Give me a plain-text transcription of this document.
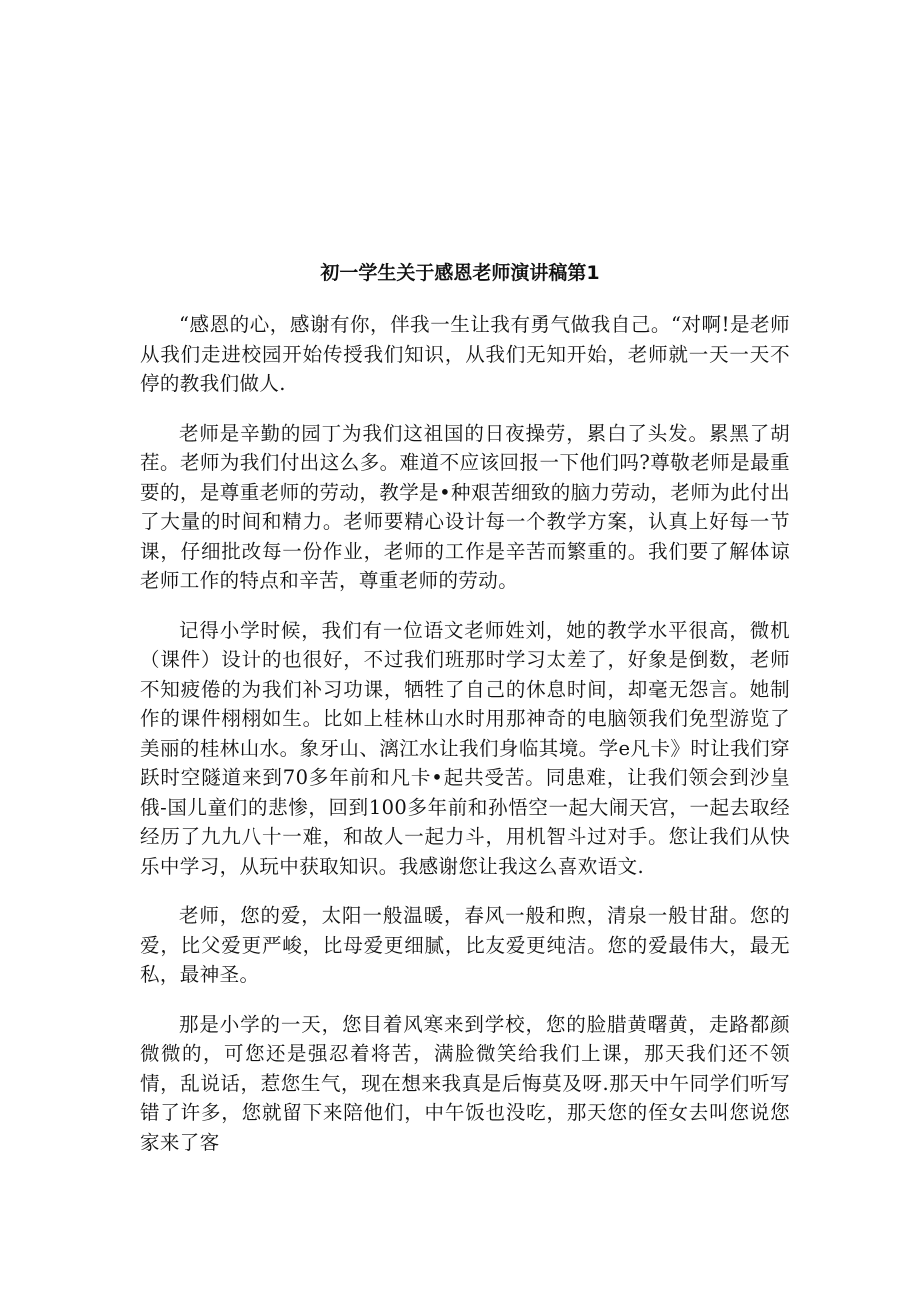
初一学生关于感恩老师演讲稿第1

“感恩的心，感谢有你，伴我一生让我有勇气做我自己。“对啊!是老师从我们走进校园开始传授我们知识，从我们无知开始，老师就一天一天不停的教我们做人.

老师是辛勤的园丁为我们这祖国的日夜操劳，累白了头发。累黑了胡茬。老师为我们付出这么多。难道不应该回报一下他们吗?尊敬老师是最重要的，是尊重老师的劳动，教学是•种艰苦细致的脑力劳动，老师为此付出了大量的时间和精力。老师要精心设计每一个教学方案，认真上好每一节课，仔细批改每一份作业，老师的工作是辛苦而繁重的。我们要了解体谅老师工作的特点和辛苦，尊重老师的劳动。

记得小学时候，我们有一位语文老师姓刘，她的教学水平很高，微机（课件）设计的也很好，不过我们班那时学习太差了，好象是倒数，老师不知疲倦的为我们补习功课，牺牲了自己的休息时间，却毫无怨言。她制作的课件栩栩如生。比如上桂林山水时用那神奇的电脑领我们免型游览了美丽的桂林山水。象牙山、漓江水让我们身临其境。学e凡卡》时让我们穿跃时空隧道来到70多年前和凡卡•起共受苦。同患难，让我们领会到沙皇俄-国儿童们的悲惨，回到100多年前和孙悟空一起大闹天宫，一起去取经经历了九九八十一难，和故人一起力斗，用机智斗过对手。您让我们从快乐中学习，从玩中获取知识。我感谢您让我这么喜欢语文.

老师，您的爱，太阳一般温暖，春风一般和煦，清泉一般甘甜。您的爱，比父爱更严峻，比母爱更细腻，比友爱更纯洁。您的爱最伟大，最无私，最神圣。

那是小学的一天，您目着风寒来到学校，您的脸腊黄曙黄，走路都颜微微的，可您还是强忍着将苦，满脸微笑给我们上课，那天我们还不领情，乱说话，惹您生气，现在想来我真是后悔莫及呀.那天中午同学们听写错了许多，您就留下来陪他们，中午饭也没吃，那天您的侄女去叫您说您家来了客
